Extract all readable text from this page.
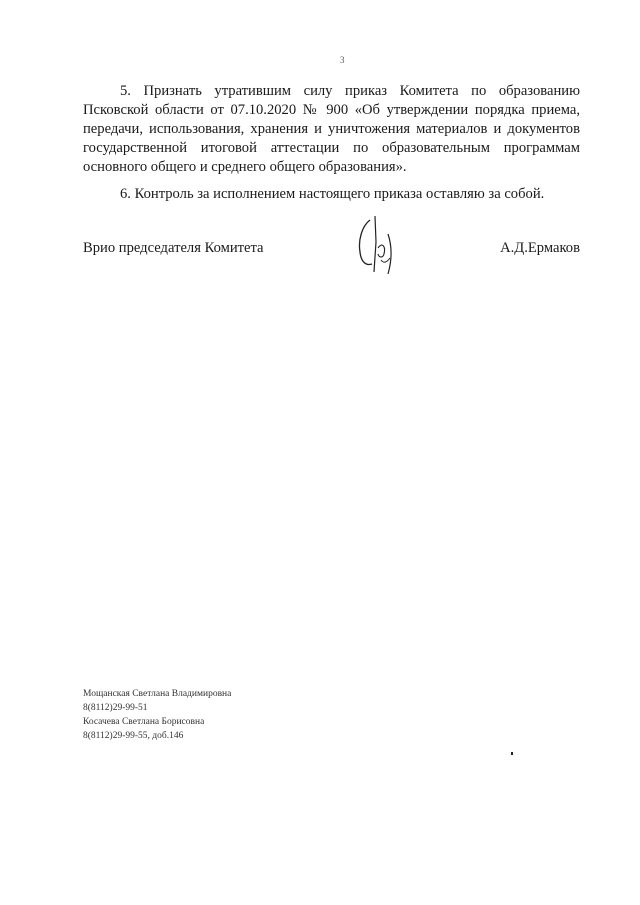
3
5. Признать утратившим силу приказ Комитета по образованию
Псковской области от 07.10.2020 № 900 «Об утверждении порядка приема,
передачи, использования, хранения и уничтожения материалов и документов
государственной итоговой аттестации по образовательным программам
основного общего и среднего общего образования».
6. Контроль за исполнением настоящего приказа оставляю за собой.
Врио председателя Комитета	А.Д.Ермаков
Мощанская Светлана Владимировна
8(8112)29-99-51
Косачева Светлана Борисовна
8(8112)29-99-55, доб.146
